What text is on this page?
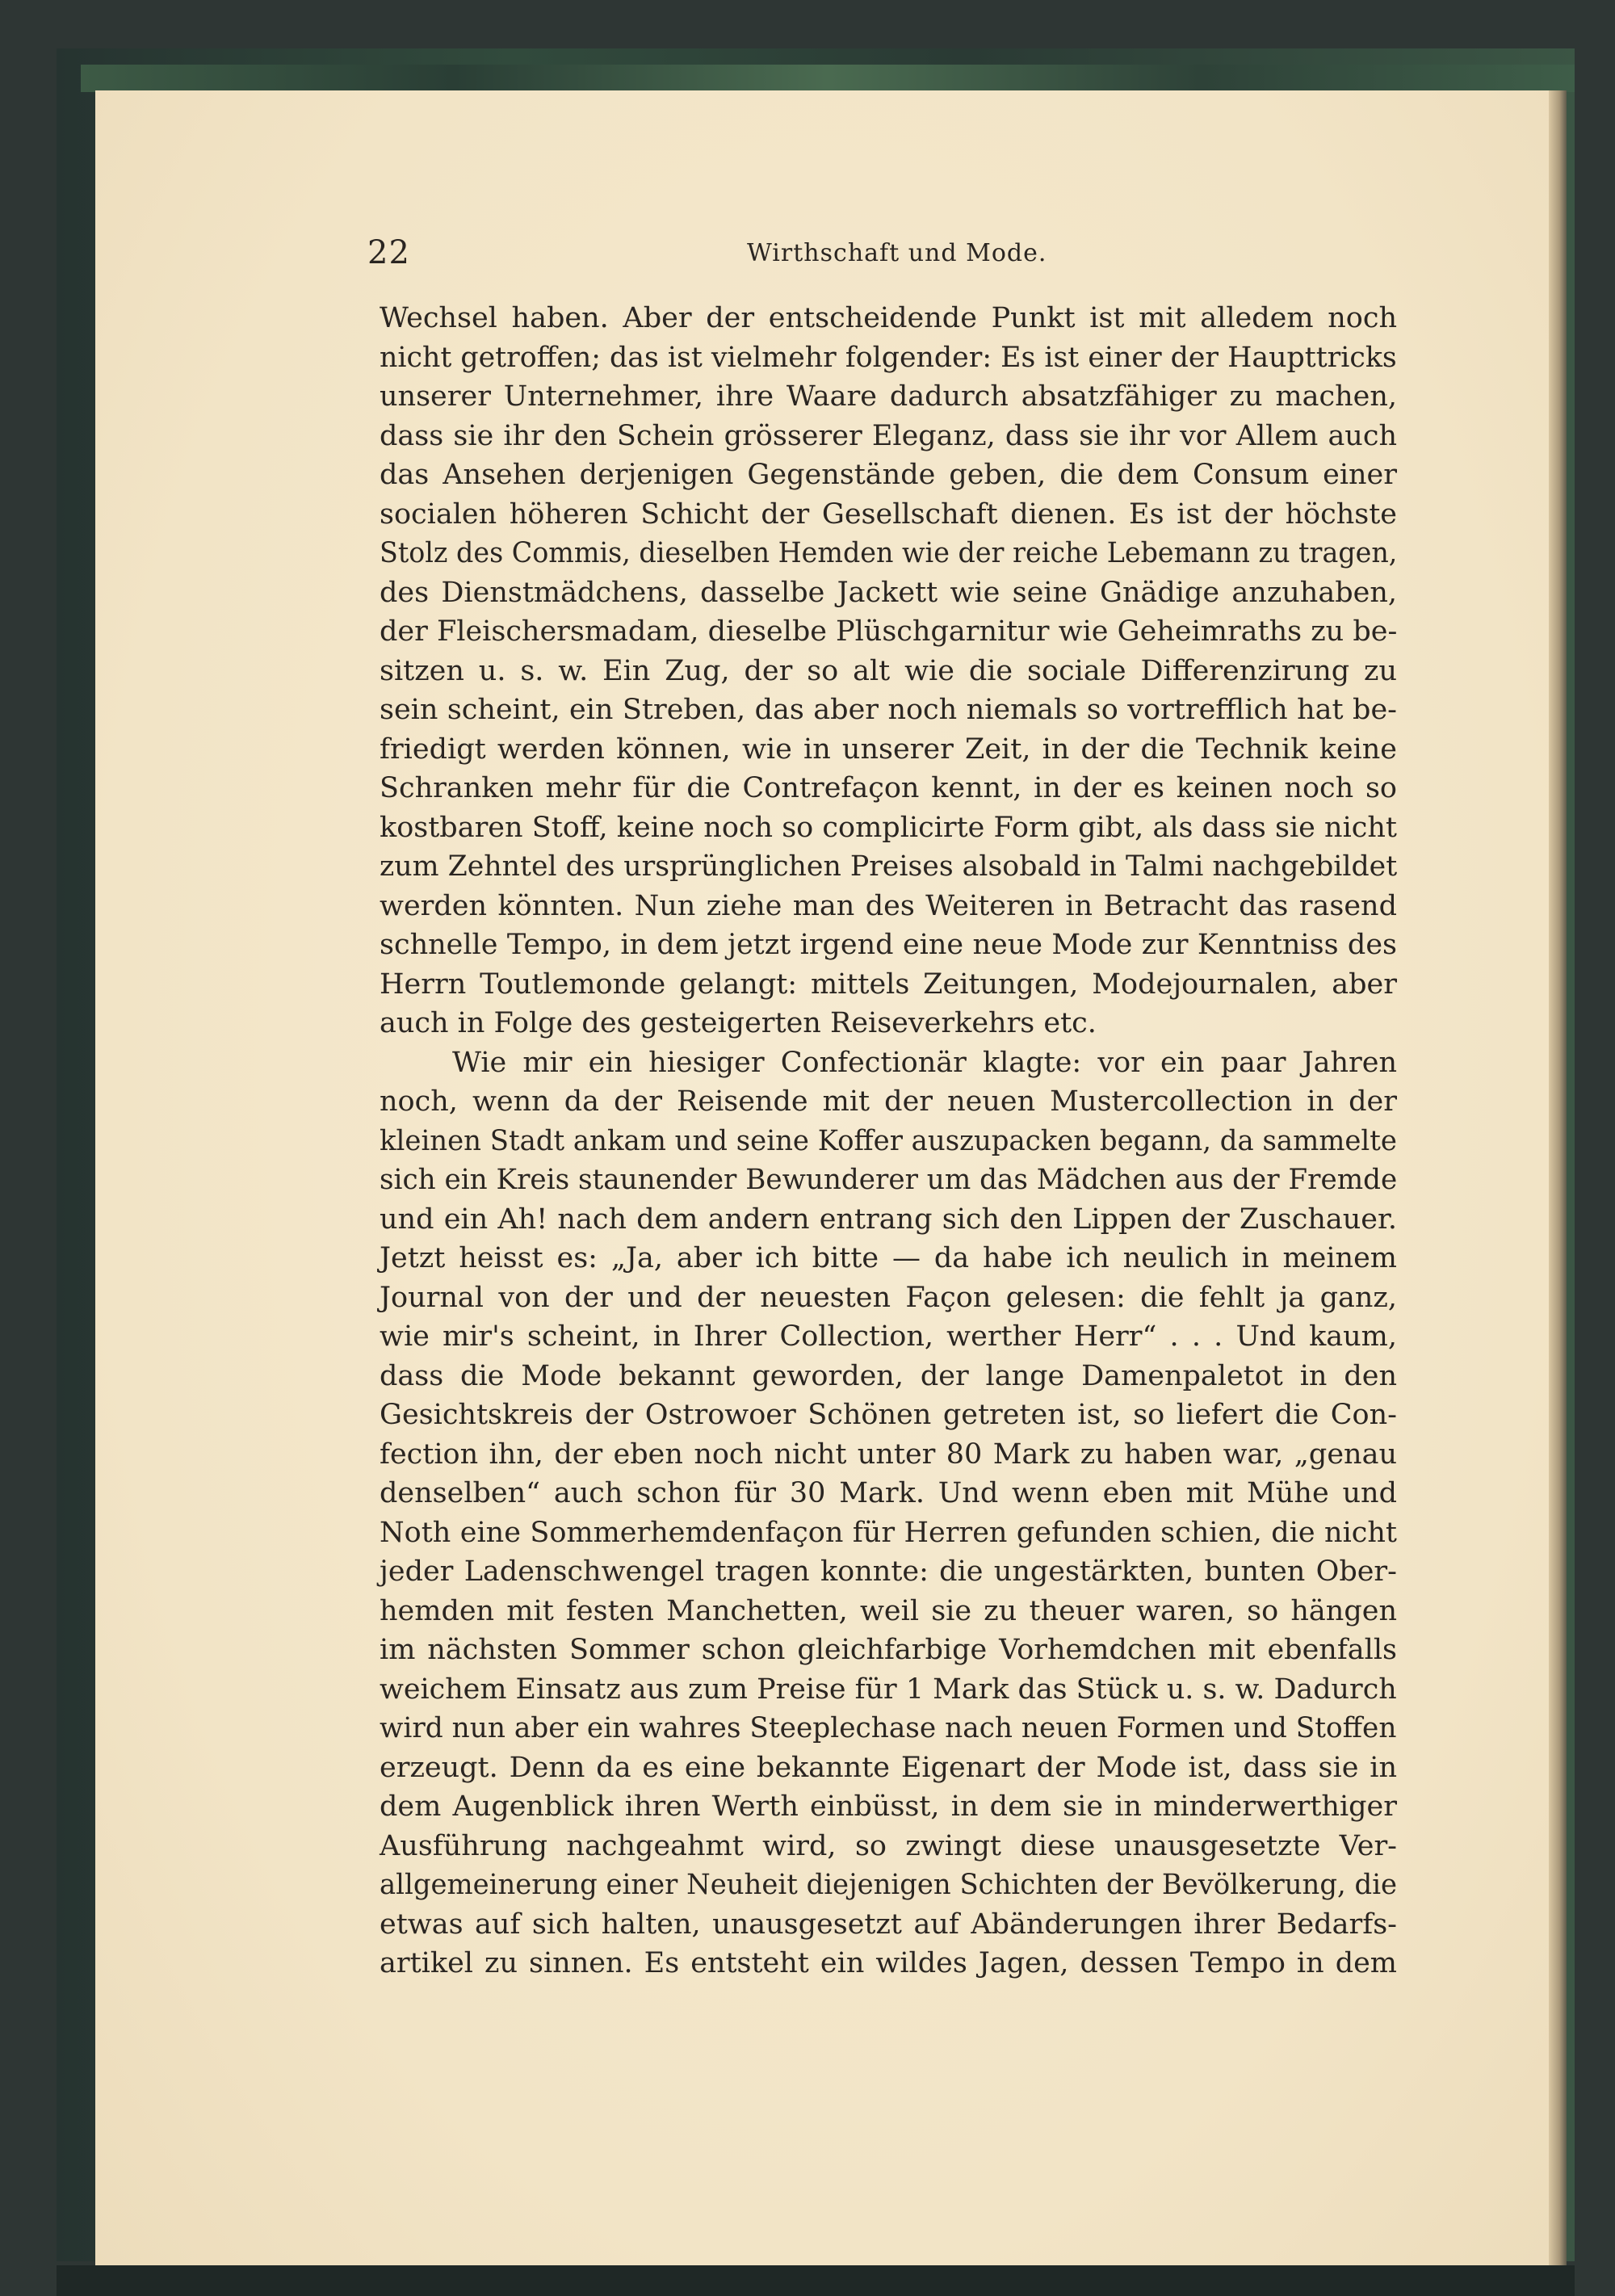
22	Wirthschaft und Mode.
Wechsel haben. Aber der entscheidende Punkt ist mit alledem noch
nicht getroffen; das ist vielmehr folgender: Es ist einer der Haupttricks
unserer Unternehmer, ihre Waare dadurch absatzfähiger zu machen,
dass sie ihr den Schein grösserer Eleganz, dass sie ihr vor Allem auch
das Ansehen derjenigen Gegenstände geben, die dem Consum einer
socialen höheren Schicht der Gesellschaft dienen. Es ist der höchste
Stolz des Commis, dieselben Hemden wie der reiche Lebemann zu tragen,
des Dienstmädchens, dasselbe Jackett wie seine Gnädige anzuhaben,
der Fleischersmadam, dieselbe Plüschgarnitur wie Geheimraths zu be-
sitzen u. s. w. Ein Zug, der so alt wie die sociale Differenzirung zu
sein scheint, ein Streben, das aber noch niemals so vortrefflich hat be-
friedigt werden können, wie in unserer Zeit, in der die Technik keine
Schranken mehr für die Contrefaçon kennt, in der es keinen noch so
kostbaren Stoff, keine noch so complicirte Form gibt, als dass sie nicht
zum Zehntel des ursprünglichen Preises alsobald in Talmi nachgebildet
werden könnten. Nun ziehe man des Weiteren in Betracht das rasend
schnelle Tempo, in dem jetzt irgend eine neue Mode zur Kenntniss des
Herrn Toutlemonde gelangt: mittels Zeitungen, Modejournalen, aber
auch in Folge des gesteigerten Reiseverkehrs etc.
Wie mir ein hiesiger Confectionär klagte: vor ein paar Jahren
noch, wenn da der Reisende mit der neuen Mustercollection in der
kleinen Stadt ankam und seine Koffer auszupacken begann, da sammelte
sich ein Kreis staunender Bewunderer um das Mädchen aus der Fremde
und ein Ah! nach dem andern entrang sich den Lippen der Zuschauer.
Jetzt heisst es: „Ja, aber ich bitte — da habe ich neulich in meinem
Journal von der und der neuesten Façon gelesen: die fehlt ja ganz,
wie mir's scheint, in Ihrer Collection, werther Herr“ . . . Und kaum,
dass die Mode bekannt geworden, der lange Damenpaletot in den
Gesichtskreis der Ostrowoer Schönen getreten ist, so liefert die Con-
fection ihn, der eben noch nicht unter 80 Mark zu haben war, „genau
denselben“ auch schon für 30 Mark. Und wenn eben mit Mühe und
Noth eine Sommerhemdenfaçon für Herren gefunden schien, die nicht
jeder Ladenschwengel tragen konnte: die ungestärkten, bunten Ober-
hemden mit festen Manchetten, weil sie zu theuer waren, so hängen
im nächsten Sommer schon gleichfarbige Vorhemdchen mit ebenfalls
weichem Einsatz aus zum Preise für 1 Mark das Stück u. s. w. Dadurch
wird nun aber ein wahres Steeplechase nach neuen Formen und Stoffen
erzeugt. Denn da es eine bekannte Eigenart der Mode ist, dass sie in
dem Augenblick ihren Werth einbüsst, in dem sie in minderwerthiger
Ausführung nachgeahmt wird, so zwingt diese unausgesetzte Ver-
allgemeinerung einer Neuheit diejenigen Schichten der Bevölkerung, die
etwas auf sich halten, unausgesetzt auf Abänderungen ihrer Bedarfs-
artikel zu sinnen. Es entsteht ein wildes Jagen, dessen Tempo in dem
